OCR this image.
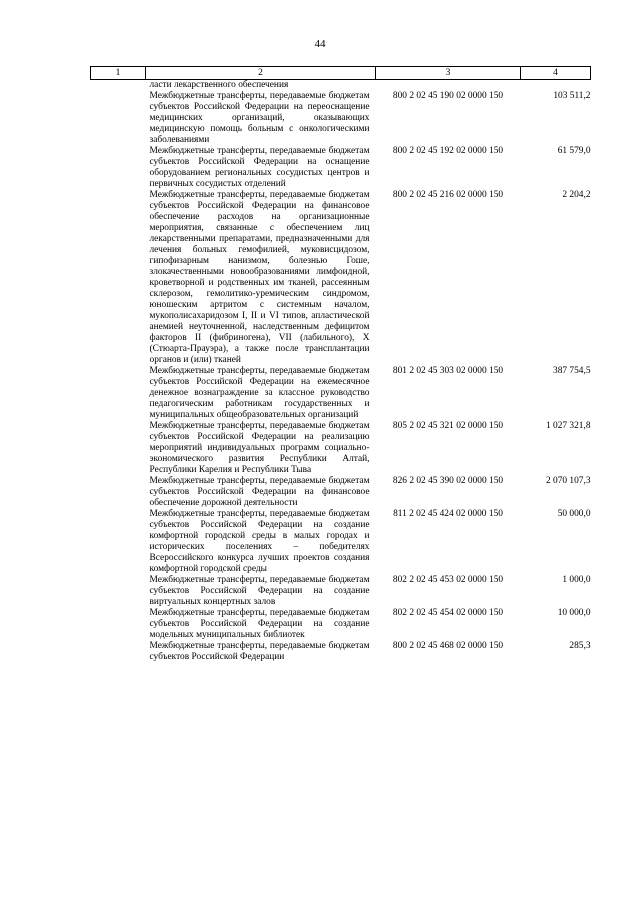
44
1	2	3	4
	ласти лекарственного обеспечения		
	Межбюджетные трансферты, передаваемые бюджетам субъектов Российской Федерации на переоснащение медицинских организаций, оказывающих медицинскую помощь больным с онкологическими заболеваниями	800 2 02 45 190 02 0000 150	103 511,2
	Межбюджетные трансферты, передаваемые бюджетам субъектов Российской Федерации на оснащение оборудованием региональных сосудистых центров и первичных сосудистых отделений	800 2 02 45 192 02 0000 150	61 579,0
	Межбюджетные трансферты, передаваемые бюджетам субъектов Российской Федерации на финансовое обеспечение расходов на организационные мероприятия, связанные с обеспечением лиц лекарственными препаратами, предназначенными для лечения больных гемофилией, муковисцидозом, гипофизарным нанизмом, болезнью Гоше, злокачественными новообразованиями лимфоидной, кроветворной и родственных им тканей, рассеянным склерозом, гемолитико-уремическим синдромом, юношеским артритом с системным началом, мукополисахаридозом I, II и VI типов, апластической анемией неуточненной, наследственным дефицитом факторов II (фибриногена), VII (лабильного), X (Стюарта-Прауэра), а также после трансплантации органов и (или) тканей	800 2 02 45 216 02 0000 150	2 204,2
	Межбюджетные трансферты, передаваемые бюджетам субъектов Российской Федерации на ежемесячное денежное вознаграждение за классное руководство педагогическим работникам государственных и муниципальных общеобразовательных организаций	801 2 02 45 303 02 0000 150	387 754,5
	Межбюджетные трансферты, передаваемые бюджетам субъектов Российской Федерации на реализацию мероприятий индивидуальных программ социально-экономического развития Республики Алтай, Республики Карелия и Республики Тыва	805 2 02 45 321 02 0000 150	1 027 321,8
	Межбюджетные трансферты, передаваемые бюджетам субъектов Российской Федерации на финансовое обеспечение дорожной деятельности	826 2 02 45 390 02 0000 150	2 070 107,3
	Межбюджетные трансферты, передаваемые бюджетам субъектов Российской Федерации на создание комфортной городской среды в малых городах и исторических поселениях – победителях Всероссийского конкурса лучших проектов создания комфортной городской среды	811 2 02 45 424 02 0000 150	50 000,0
	Межбюджетные трансферты, передаваемые бюджетам субъектов Российской Федерации на создание виртуальных концертных залов	802 2 02 45 453 02 0000 150	1 000,0
	Межбюджетные трансферты, передаваемые бюджетам субъектов Российской Федерации на создание модельных муниципальных библиотек	802 2 02 45 454 02 0000 150	10 000,0
	Межбюджетные трансферты, передаваемые бюджетам субъектов Российской Федерации	800 2 02 45 468 02 0000 150	285,3
